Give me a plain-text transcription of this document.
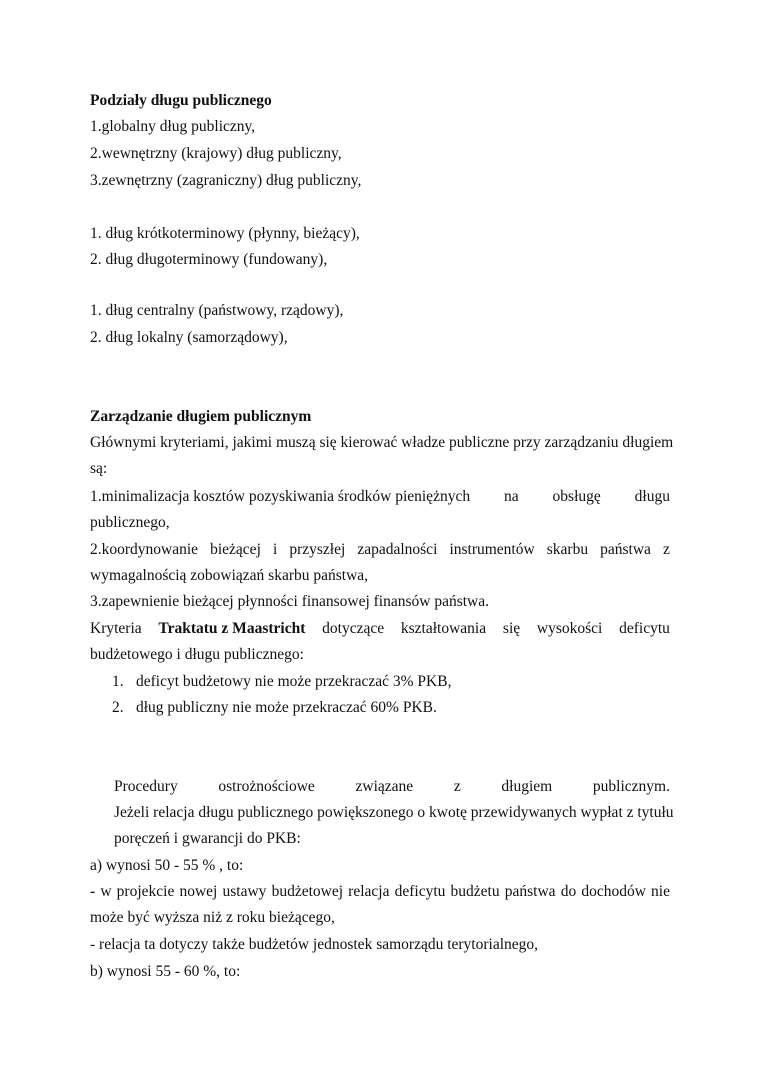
Podziały długu publicznego
1.globalny dług publiczny,
2.wewnętrzny (krajowy) dług publiczny,
3.zewnętrzny (zagraniczny) dług publiczny,
1. dług krótkoterminowy (płynny, bieżący),
2. dług długoterminowy (fundowany),
1. dług centralny (państwowy, rządowy),
2. dług lokalny (samorządowy),
Zarządzanie długiem publicznym
Głównymi kryteriami, jakimi muszą się kierować władze publiczne przy zarządzaniu długiem
są:
1.minimalizacja kosztów pozyskiwania środków pieniężnych na obsługę długu
publicznego,
2.koordynowanie bieżącej i przyszłej zapadalności instrumentów skarbu państwa z
wymagalnością zobowiązań skarbu państwa,
3.zapewnienie bieżącej płynności finansowej finansów państwa.
Kryteria Traktatu z Maastricht dotyczące kształtowania się wysokości deficytu
budżetowego i długu publicznego:
1. deficyt budżetowy nie może przekraczać 3% PKB,
2. dług publiczny nie może przekraczać 60% PKB.
Procedury	ostrożnościowe	związane	z	długiem	publicznym.
Jeżeli relacja długu publicznego powiększonego o kwotę przewidywanych wypłat z tytułu
poręczeń i gwarancji do PKB:
a) wynosi 50 - 55 % , to:
- w projekcie nowej ustawy budżetowej relacja deficytu budżetu państwa do dochodów nie
może być wyższa niż z roku bieżącego,
- relacja ta dotyczy także budżetów jednostek samorządu terytorialnego,
b) wynosi 55 - 60 %, to:
